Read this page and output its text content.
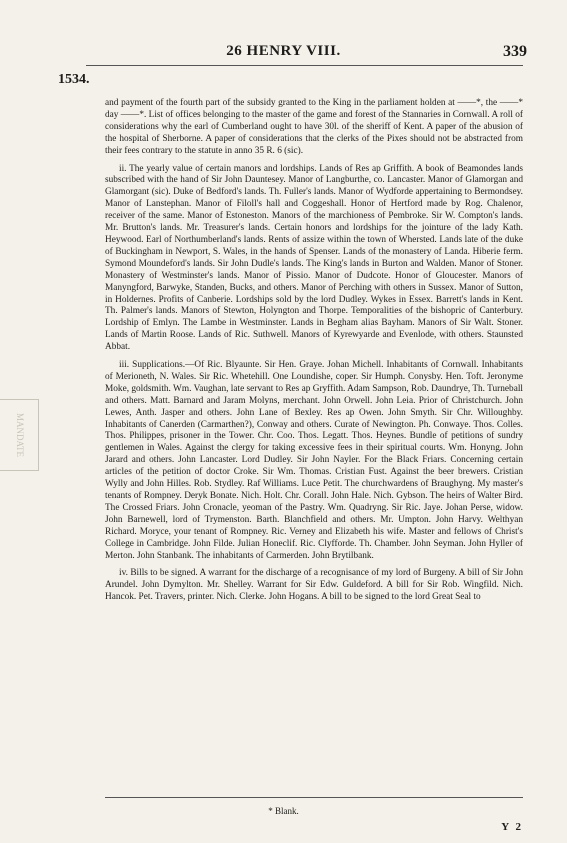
26 HENRY VIII.	339
1534.
MANDATE

and payment of the fourth part of the subsidy granted to the King in the parliament holden at ——*, the ——* day ——*. List of offices belonging to the master of the game and forest of the Stannaries in Cornwall. A roll of considerations why the earl of Cumberland ought to have 30l. of the sheriff of Kent. A paper of the abusion of the hospital of Sherborne. A paper of considerations that the clerks of the Pixes should not be abstracted from their fees contrary to the statute in anno 35 R. 6 (sic).

ii. The yearly value of certain manors and lordships. Lands of Res ap Griffith. A book of Beamondes lands subscribed with the hand of Sir John Dauntesey. Manor of Langburthe, co. Lancaster. Manor of Glamorgan and Glamorgant (sic). Duke of Bedford's lands. Th. Fuller's lands. Manor of Wydforde appertaining to Bermondsey. Manor of Lanstephan. Manor of Filoll's hall and Coggeshall. Honor of Hertford made by Rog. Chalenor, receiver of the same. Manor of Estoneston. Manors of the marchioness of Pembroke. Sir W. Compton's lands. Mr. Brutton's lands. Mr. Treasurer's lands. Certain honors and lordships for the jointure of the lady Kath. Heywood. Earl of Northumberland's lands. Rents of assize within the town of Whersted. Lands late of the duke of Buckingham in Newport, S. Wales, in the hands of Spenser. Lands of the monastery of Landa. Hiberie ferm. Symond Moundeford's lands. Sir John Dudle's lands. The King's lands in Burton and Walden. Manor of Stoner. Monastery of Westminster's lands. Manor of Pissio. Manor of Dudcote. Honor of Gloucester. Manors of Manyngford, Barwyke, Standen, Bucks, and others. Manor of Perching with others in Sussex. Manor of Sutton, in Holdernes. Profits of Canberie. Lordships sold by the lord Dudley. Wykes in Essex. Barrett's lands in Kent. Th. Palmer's lands. Manors of Stewton, Holyngton and Thorpe. Temporalities of the bishopric of Canterbury. Lordship of Emlyn. The Lambe in Westminster. Lands in Begham alias Bayham. Manors of Sir Walt. Stoner. Lands of Martin Roose. Lands of Ric. Suthwell. Manors of Kyrewyarde and Evenlode, with others. Staunsted Abbat.

iii. Supplications.—Of Ric. Blyaunte. Sir Hen. Graye. Johan Michell. Inhabitants of Cornwall. Inhabitants of Merioneth, N. Wales. Sir Ric. Whetehill. One Loundishe, coper. Sir Humph. Conysby. Hen. Toft. Jeronyme Moke, goldsmith. Wm. Vaughan, late servant to Res ap Gryffith. Adam Sampson, Rob. Daundrye, Th. Turneball and others. Matt. Barnard and Jaram Molyns, merchant. John Orwell. John Leia. Prior of Christchurch. John Lewes, Anth. Jasper and others. John Lane of Bexley. Res ap Owen. John Smyth. Sir Chr. Willoughby. Inhabitants of Canerden (Carmarthen?), Conway and others. Curate of Newington. Ph. Conwaye. Thos. Colles. Thos. Philippes, prisoner in the Tower. Chr. Coo. Thos. Legatt. Thos. Heynes. Bundle of petitions of sundry gentlemen in Wales. Against the clergy for taking excessive fees in their spiritual courts. Wm. Honyng. John Jarard and others. John Lancaster. Lord Dudley. Sir John Nayler. For the Black Friars. Concerning certain articles of the petition of doctor Croke. Sir Wm. Thomas. Cristian Fust. Against the beer brewers. Cristian Wylly and John Hilles. Rob. Stydley. Raf Williams. Luce Petit. The churchwardens of Braughyng. My master's tenants of Rompney. Deryk Bonate. Nich. Holt. Chr. Corall. John Hale. Nich. Gybson. The heirs of Walter Bird. The Crossed Friars. John Cronacle, yeoman of the Pastry. Wm. Quadryng. Sir Ric. Jaye. Johan Perse, widow. John Barnewell, lord of Trymenston. Barth. Blanchfield and others. Mr. Umpton. John Harvy. Welthyan Richard. Moryce, your tenant of Rompney. Ric. Verney and Elizabeth his wife. Master and fellows of Christ's College in Cambridge. John Filde. Julian Honeclif. Ric. Clyfforde. Th. Chamber. John Seyman. John Hyller of Merton. John Stanbank. The inhabitants of Carmerden. John Brytilbank.

iv. Bills to be signed. A warrant for the discharge of a recognisance of my lord of Burgeny. A bill of Sir John Arundel. John Dymylton. Mr. Shelley. Warrant for Sir Edw. Guldeford. A bill for Sir Rob. Wingfild. Nich. Hancok. Pet. Travers, printer. Nich. Clerke. John Hogans. A bill to be signed to the lord Great Seal to

* Blank.
Y 2
